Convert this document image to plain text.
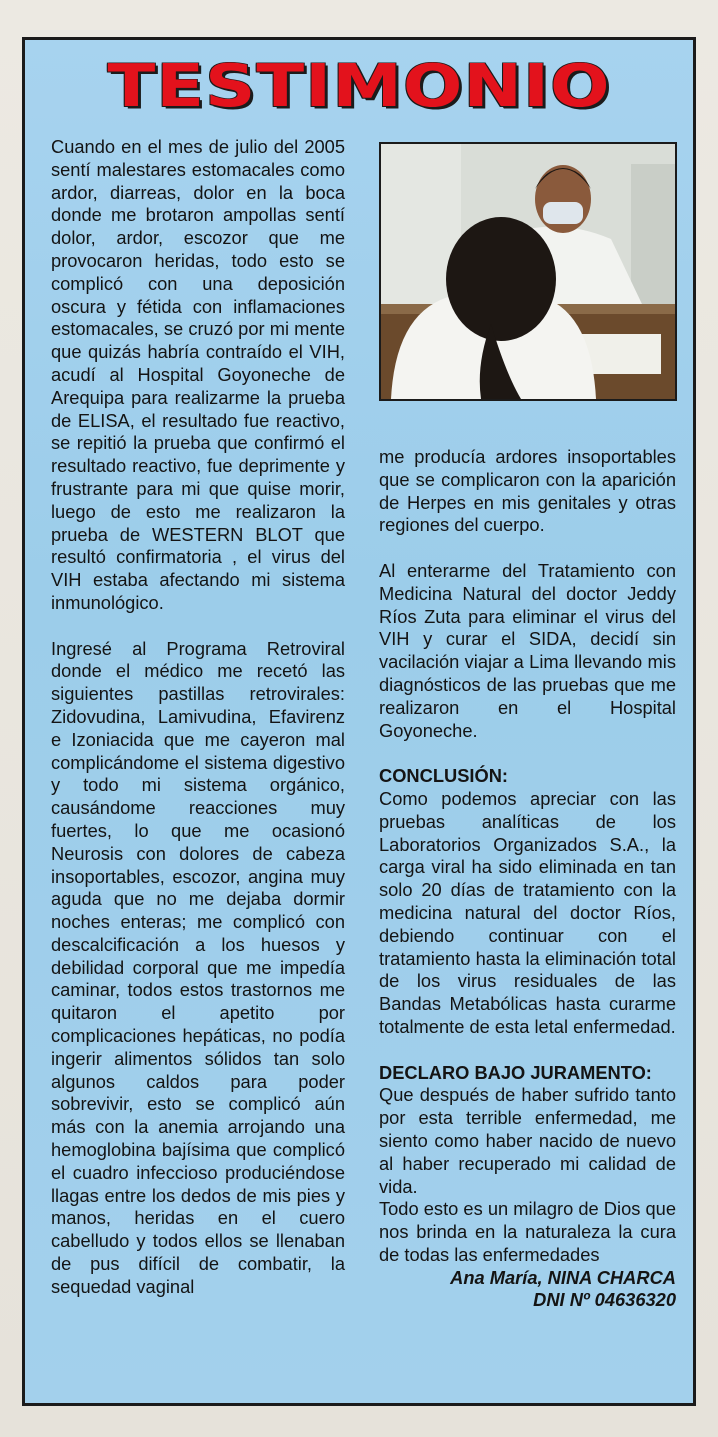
TESTIMONIO

Cuando en el mes de julio del 2005 sentí malestares estomacales como ardor, diarreas, dolor en la boca donde me brotaron ampollas sentí dolor, ardor, escozor que me provocaron heridas, todo esto se complicó con una deposición oscura y fétida con inflamaciones estomacales, se cruzó por mi mente que quizás habría contraído el VIH, acudí al Hospital Goyoneche de Arequipa para realizarme la prueba de ELISA, el resultado fue reactivo, se repitió la prueba que confirmó el resultado reactivo, fue deprimente y frustrante para mi que quise morir, luego de esto me realizaron la prueba de WESTERN BLOT que resultó confirmatoria , el virus del VIH estaba afectando mi sistema inmunológico.

Ingresé al Programa Retroviral donde el médico me recetó las siguientes pastillas retrovirales: Zidovudina, Lamivudina, Efavirenz e Izoniacida que me cayeron mal complicándome el sistema digestivo y todo mi sistema orgánico, causándome reacciones muy fuertes, lo que me ocasionó Neurosis con dolores de cabeza insoportables, escozor, angina muy aguda que no me dejaba dormir noches enteras; me complicó con descalcificación a los huesos y debilidad corporal que me impedía caminar, todos estos trastornos me quitaron el apetito por complicaciones hepáticas, no podía ingerir alimentos sólidos tan solo algunos caldos para poder sobrevivir, esto se complicó aún más con la anemia arrojando una hemoglobina bajísima que complicó el cuadro infeccioso produciéndose llagas entre los dedos de mis pies y manos, heridas en el cuero cabelludo y todos ellos se llenaban de pus difícil de combatir, la sequedad vaginal

me producía ardores insoportables que se complicaron con la aparición de Herpes en mis genitales y otras regiones del cuerpo.

Al enterarme del Tratamiento con Medicina Natural del doctor Jeddy Ríos Zuta para eliminar el virus del VIH y curar el SIDA, decidí sin vacilación viajar a Lima llevando mis diagnósticos de las pruebas que me realizaron en el Hospital Goyoneche.

CONCLUSIÓN:

Como podemos apreciar con las pruebas analíticas de los Laboratorios Organizados S.A., la carga viral ha sido eliminada en tan solo 20 días de tratamiento con la medicina natural del doctor Ríos, debiendo continuar con el tratamiento hasta la eliminación total de los virus residuales de las Bandas Metabólicas hasta curarme totalmente de esta letal enfermedad.

DECLARO BAJO JURAMENTO:

Que después de haber sufrido tanto por esta terrible enfermedad, me siento como haber nacido de nuevo al haber recuperado mi calidad de vida.

Todo esto es un milagro de Dios que nos brinda en la naturaleza la cura de todas las enfermedades

Ana María, NINA CHARCA

DNI Nº 04636320
